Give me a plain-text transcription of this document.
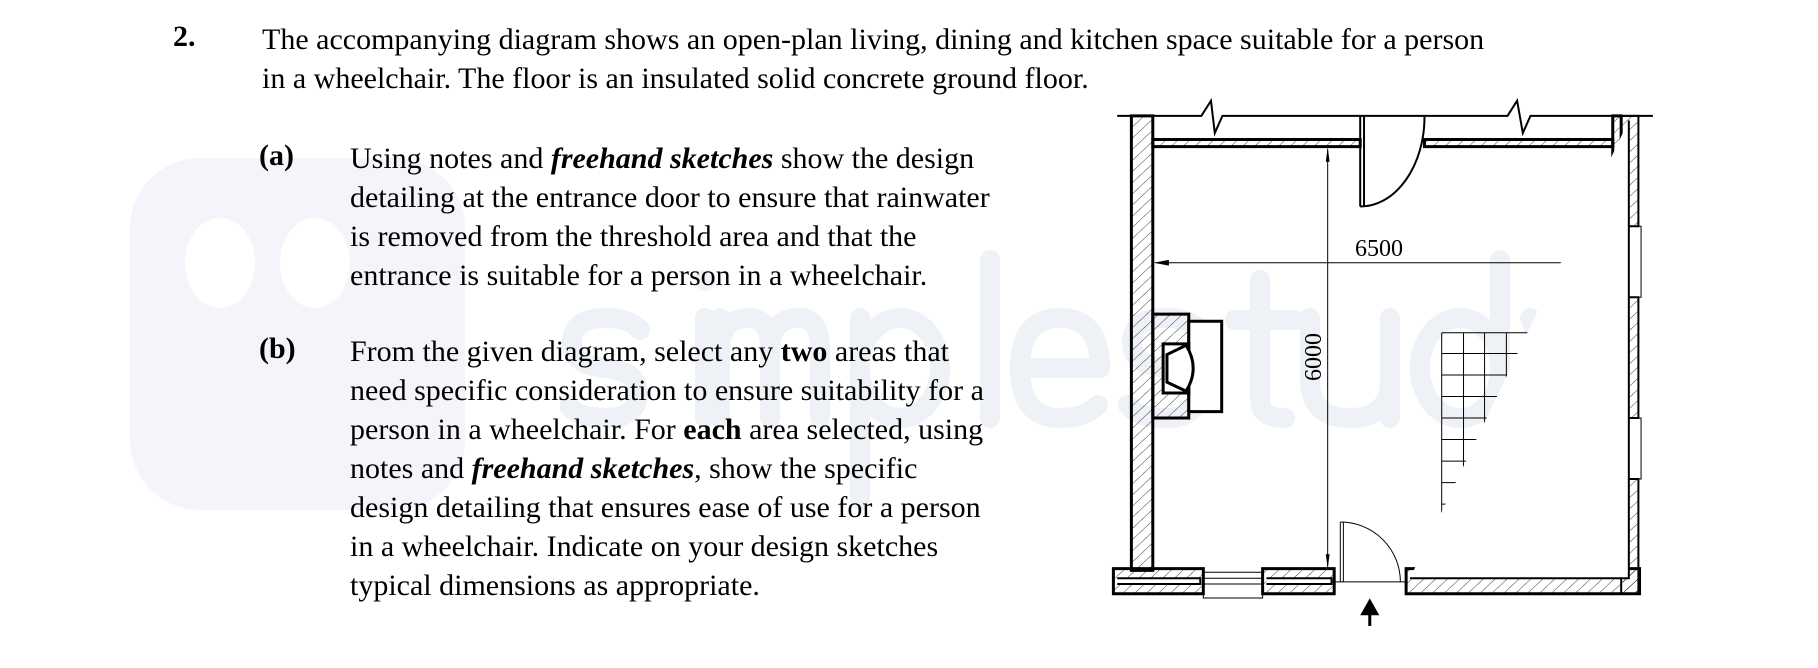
2. The accompanying diagram shows an open-plan living, dining and kitchen space suitable for a person
in a wheelchair. The floor is an insulated solid concrete ground floor.
(a) Using notes and freehand sketches show the design
detailing at the entrance door to ensure that rainwater
is removed from the threshold area and that the
entrance is suitable for a person in a wheelchair.
(b) From the given diagram, select any two areas that
need specific consideration to ensure suitability for a
person in a wheelchair. For each area selected, using
notes and freehand sketches, show the specific
design detailing that ensures ease of use for a person
in a wheelchair. Indicate on your design sketches
typical dimensions as appropriate.
6500
6000
